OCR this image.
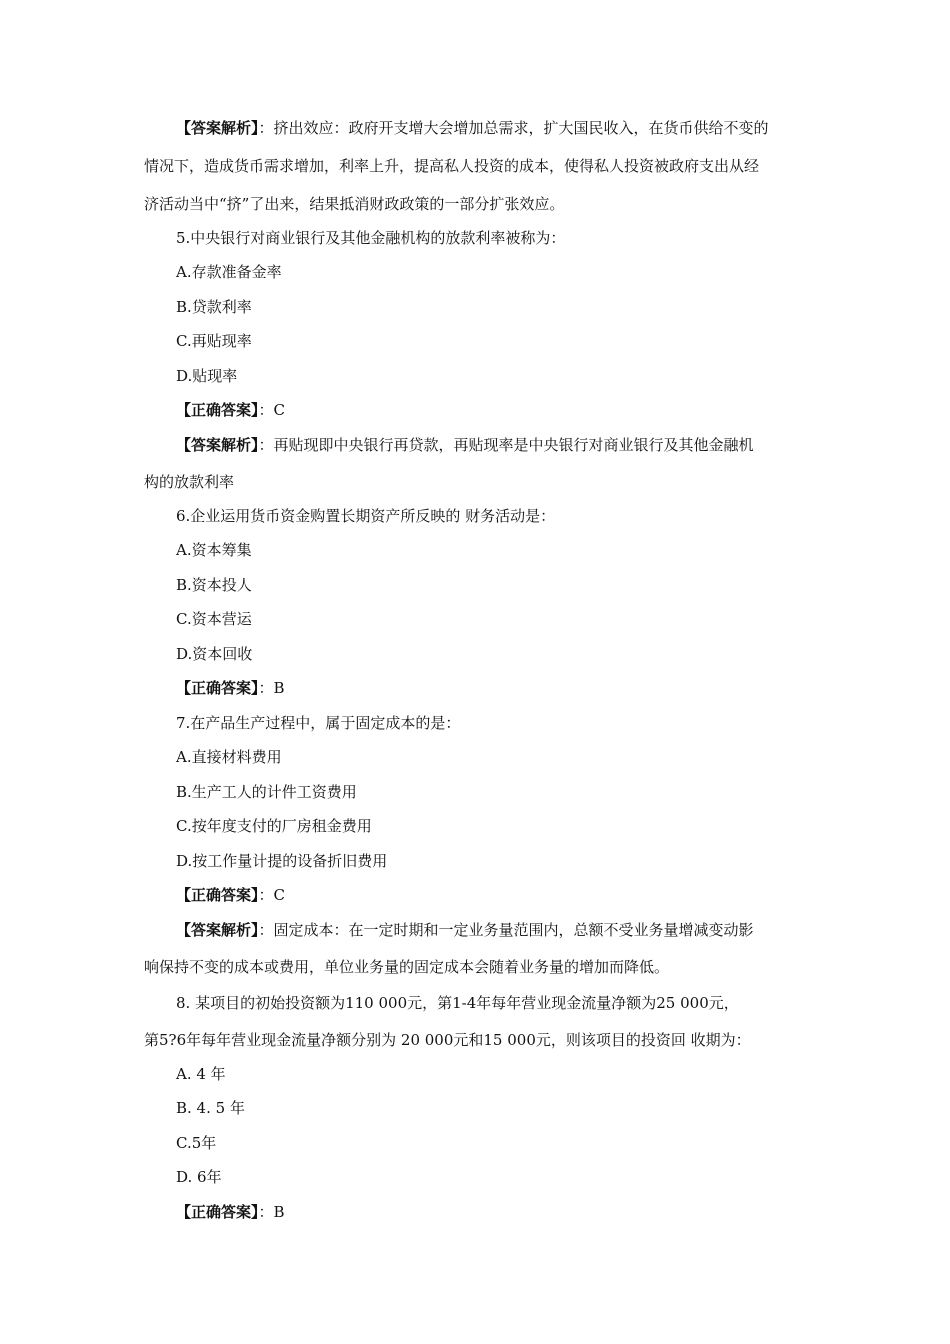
【答案解析】：挤出效应：政府开支增大会增加总需求，扩大国民收入，在货币供给不变的
情况下，造成货币需求增加，利率上升，提高私人投资的成本，使得私人投资被政府支出从经
济活动当中“挤”了出来，结果抵消财政政策的一部分扩张效应。
5.中央银行对商业银行及其他金融机构的放款利率被称为：
A.存款准备金率
B.贷款利率
C.再贴现率
D.贴现率
【正确答案】：C
【答案解析】：再贴现即中央银行再贷款，再贴现率是中央银行对商业银行及其他金融机
构的放款利率
6.企业运用货币资金购置长期资产所反映的 财务活动是：
A.资本筹集
B.资本投人
C.资本营运
D.资本回收
【正确答案】：B
7.在产品生产过程中，属于固定成本的是：
A.直接材料费用
B.生产工人的计件工资费用
C.按年度支付的厂房租金费用
D.按工作量计提的设备折旧费用
【正确答案】：C
【答案解析】：固定成本：在一定时期和一定业务量范围内，总额不受业务量增减变动影
响保持不变的成本或费用，单位业务量的固定成本会随着业务量的增加而降低。
8. 某项目的初始投资额为110 000元，第1-4年每年营业现金流量净额为25 000元，
第5?6年每年营业现金流量净额分别为 20 000元和15 000元，则该项目的投资回 收期为：
A. 4 年
B. 4. 5 年
C.5年
D. 6年
【正确答案】：B
